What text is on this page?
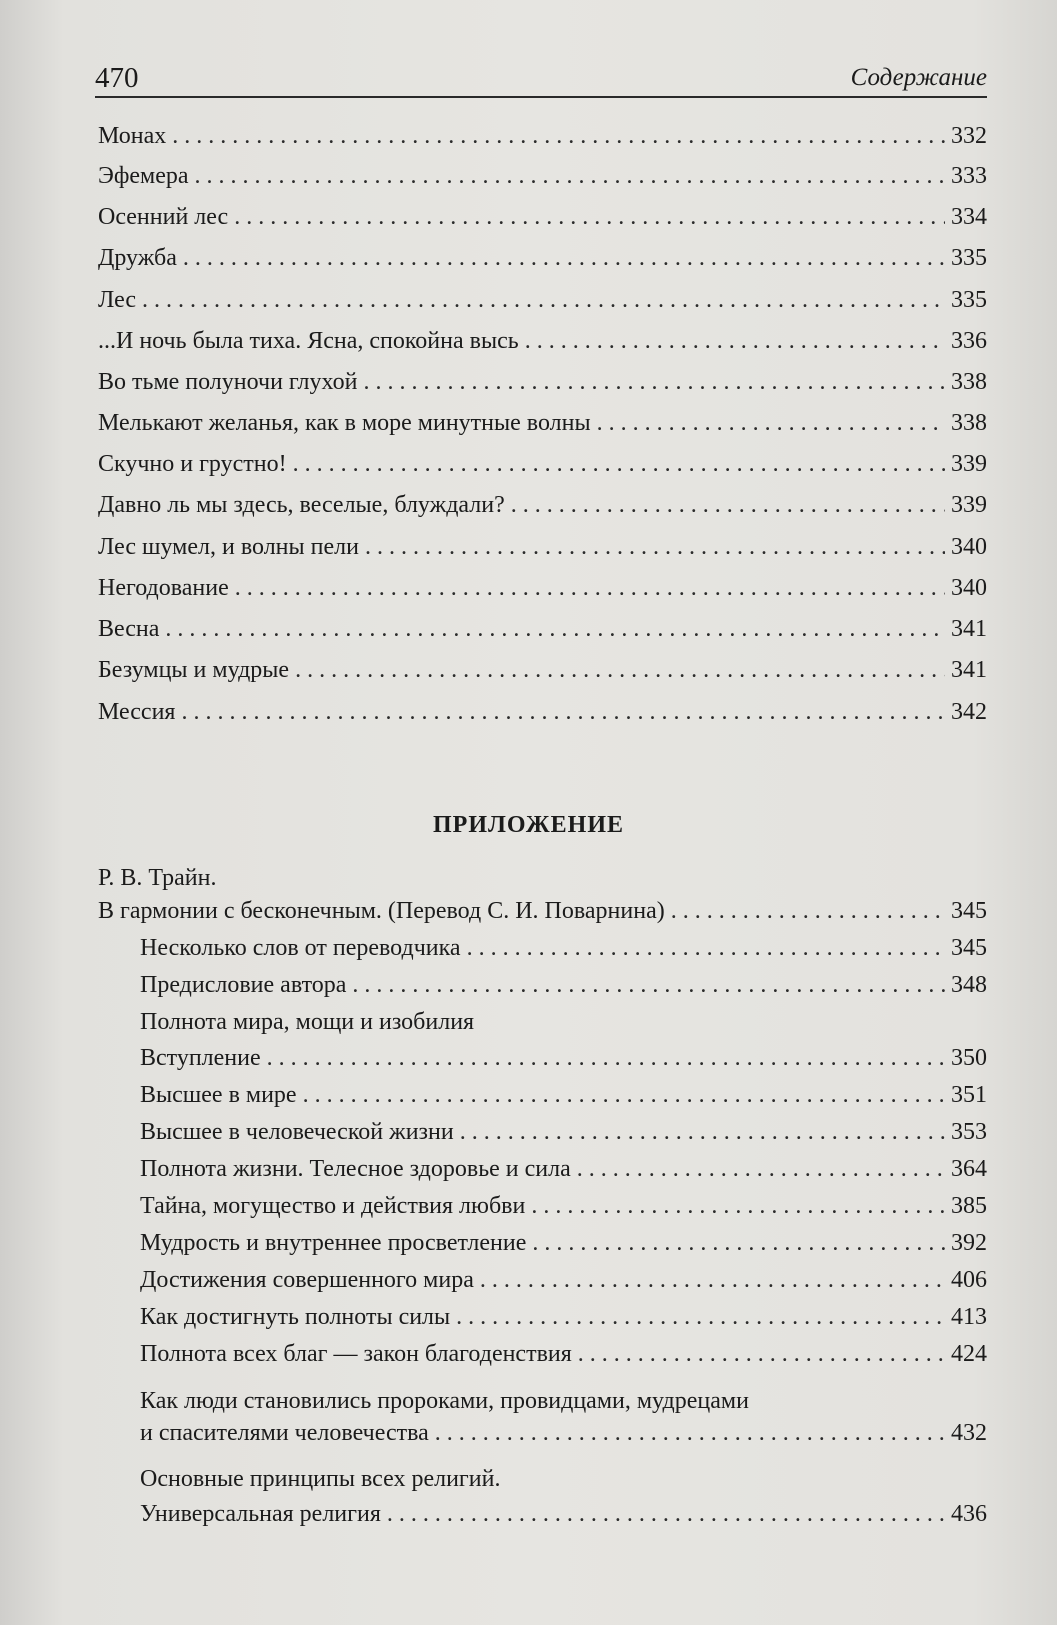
470	Содержание
Монах . . .	332
Эфемера . . .	333
Осенний лес . . .	334
Дружба . . .	335
Лес . . .	335
...И ночь была тиха. Ясна, спокойна высь . . .	336
Во тьме полуночи глухой . . .	338
Мелькают желанья, как в море минутные волны . . .	338
Скучно и грустно! . . .	339
Давно ль мы здесь, веселые, блуждали? . . .	339
Лес шумел, и волны пели . . .	340
Негодование . . .	340
Весна . . .	341
Безумцы и мудрые . . .	341
Мессия . . .	342
ПРИЛОЖЕНИЕ
Р. В. Трайн.
В гармонии с бесконечным. (Перевод С. И. Поварнина) . . .	345
Несколько слов от переводчика . . .	345
Предисловие автора . . .	348
Полнота мира, мощи и изобилия
Вступление . . .	350
Высшее в мире . . .	351
Высшее в человеческой жизни . . .	353
Полнота жизни. Телесное здоровье и сила . . .	364
Тайна, могущество и действия любви . . .	385
Мудрость и внутреннее просветление . . .	392
Достижения совершенного мира . . .	406
Как достигнуть полноты силы . . .	413
Полнота всех благ — закон благоденствия . . .	424
Как люди становились пророками, провидцами, мудрецами
и спасителями человечества . . .	432
Основные принципы всех религий.
Универсальная религия . . .	436
